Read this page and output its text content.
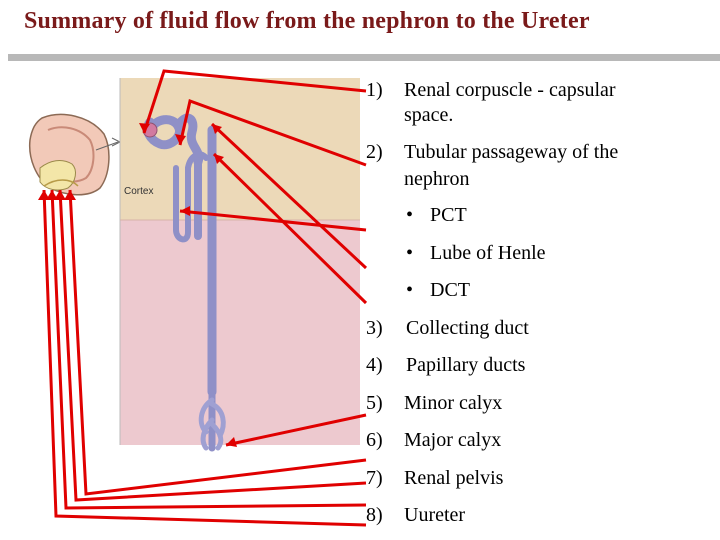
Summary of fluid flow from the nephron to the Ureter
Cortex
1) Renal corpuscle - capsular
space.
2) Tubular passageway of the
nephron
• PCT
• Lube of Henle
• DCT
3) Collecting duct
4) Papillary ducts
5) Minor calyx
6) Major calyx
7) Renal pelvis
8) Uureter
